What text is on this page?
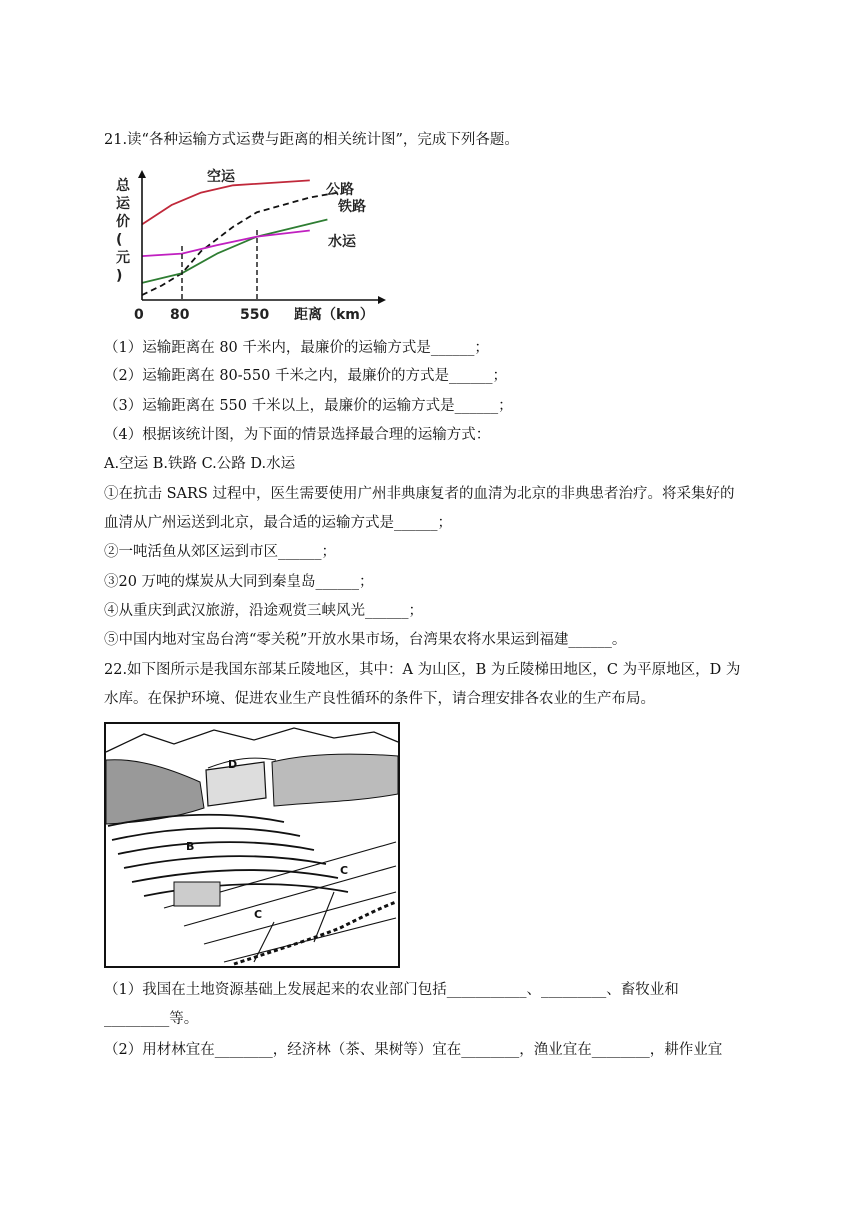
21.读“各种运输方式运费与距离的相关统计图”，完成下列各题。
总运价(元)
0 80	550 距离（km）
空运
公路
铁路
水运
（1）运输距离在 80 千米内，最廉价的运输方式是______；
（2）运输距离在 80-550 千米之内，最廉价的方式是______；
（3）运输距离在 550 千米以上，最廉价的运输方式是______；
（4）根据该统计图，为下面的情景选择最合理的运输方式：
A.空运 B.铁路 C.公路 D.水运
①在抗击 SARS 过程中，医生需要使用广州非典康复者的血清为北京的非典患者治疗。将采集好的
血清从广州运送到北京，最合适的运输方式是______；
②一吨活鱼从郊区运到市区______；
③20 万吨的煤炭从大同到秦皇岛______；
④从重庆到武汉旅游，沿途观赏三峡风光______；
⑤中国内地对宝岛台湾“零关税”开放水果市场，台湾果农将水果运到福建______。
22.如下图所示是我国东部某丘陵地区，其中：A 为山区，B 为丘陵梯田地区，C 为平原地区，D 为
水库。在保护环境、促进农业生产良性循环的条件下，请合理安排各农业的生产布局。
D
B
C
C
（1）我国在土地资源基础上发展起来的农业部门包括___________、_________、畜牧业和
_________等。
（2）用材林宜在________，经济林（茶、果树等）宜在________，渔业宜在________，耕作业宜
